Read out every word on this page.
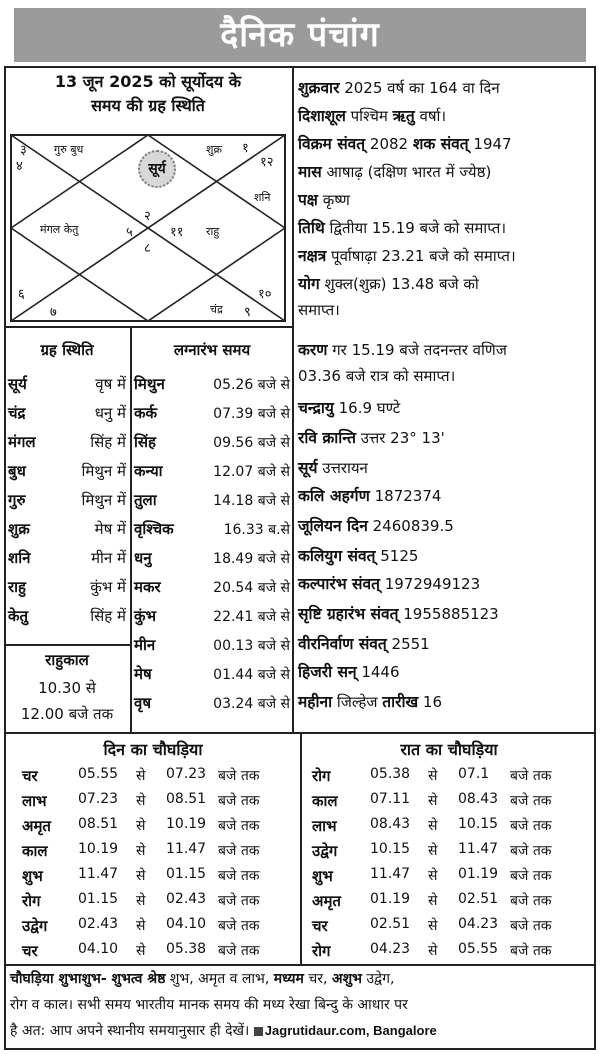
दैनिक पंचांग
13 जून 2025 को सूर्योदय के
समय की ग्रह स्थिति
सूर्य
३ गुरु बुध	शुक्र १
१२
४
शनि
२
मंगल केतु	५	११ राहु
८
६	१०
७	चंद्र ९
ग्रह स्थिति	लग्नारंभ समय
सूर्य	वृष में
चंद्र	धनु में
मंगल	सिंह में
बुध	मिथुन में
गुरु	मिथुन में
शुक्र	मेष में
शनि	मीन में
राहु	कुंभ में
केतु	सिंह में
मिथुन	05.26 बजे से
कर्क	07.39 बजे से
सिंह	09.56 बजे से
कन्या	12.07 बजे से
तुला	14.18 बजे से
वृश्चिक	16.33 ब.से
धनु	18.49 बजे से
मकर	20.54 बजे से
कुंभ	22.41 बजे से
मीन	00.13 बजे से
मेष	01.44 बजे से
वृष	03.24 बजे से
राहुकाल
10.30 से
12.00 बजे तक
शुक्रवार 2025 वर्ष का 164 वा दिन
दिशाशूल पश्चिम ऋतु वर्षा।
विक्रम संवत् 2082 शक संवत् 1947
मास आषाढ़ (दक्षिण भारत में ज्येष्ठ)
पक्ष कृष्ण
तिथि द्वितीया 15.19 बजे को समाप्त।
नक्षत्र पूर्वाषाढ़ा 23.21 बजे को समाप्त।
योग शुक्ल(शुक्र) 13.48 बजे को
समाप्त।
करण गर 15.19 बजे तदनन्तर वणिज
03.36 बजे रात्र को समाप्त।
चन्द्रायु 16.9 घण्टे
रवि क्रान्ति उत्तर 23° 13'
सूर्य उत्तरायन
कलि अहर्गण 1872374
जूलियन दिन 2460839.5
कलियुग संवत् 5125
कल्पारंभ संवत् 1972949123
सृष्टि ग्रहारंभ संवत् 1955885123
वीरनिर्वाण संवत् 2551
हिजरी सन् 1446
महीना जिल्हेज तारीख 16
दिन का चौघड़िया	रात का चौघड़िया
चर	05.55 से 07.23 बजे तक
लाभ 07.23 से 08.51 बजे तक
अमृत 08.51 से 10.19 बजे तक
काल 10.19 से 11.47 बजे तक
शुभ	11.47 से 01.15 बजे तक
रोग	01.15 से 02.43 बजे तक
उद्वेग 02.43 से 04.10 बजे तक
चर	04.10 से 05.38 बजे तक
रोग	05.38 से 07.1 बजे तक
काल 07.11 से 08.43 बजे तक
लाभ 08.43 से 10.15 बजे तक
उद्वेग 10.15 से 11.47 बजे तक
शुभ	11.47 से 01.19 बजे तक
अमृत 01.19 से 02.51 बजे तक
चर	02.51 से 04.23 बजे तक
रोग	04.23 से 05.55 बजे तक
चौघड़िया शुभाशुभ- शुभत्व श्रेष्ठ शुभ, अमृत व लाभ, मध्यम चर, अशुभ उद्वेग,
रोग व काल। सभी समय भारतीय मानक समय की मध्य रेखा बिन्दु के आधार पर
है अत: आप अपने स्थानीय समयानुसार ही देखें। Jagrutidaur.com, Bangalore
